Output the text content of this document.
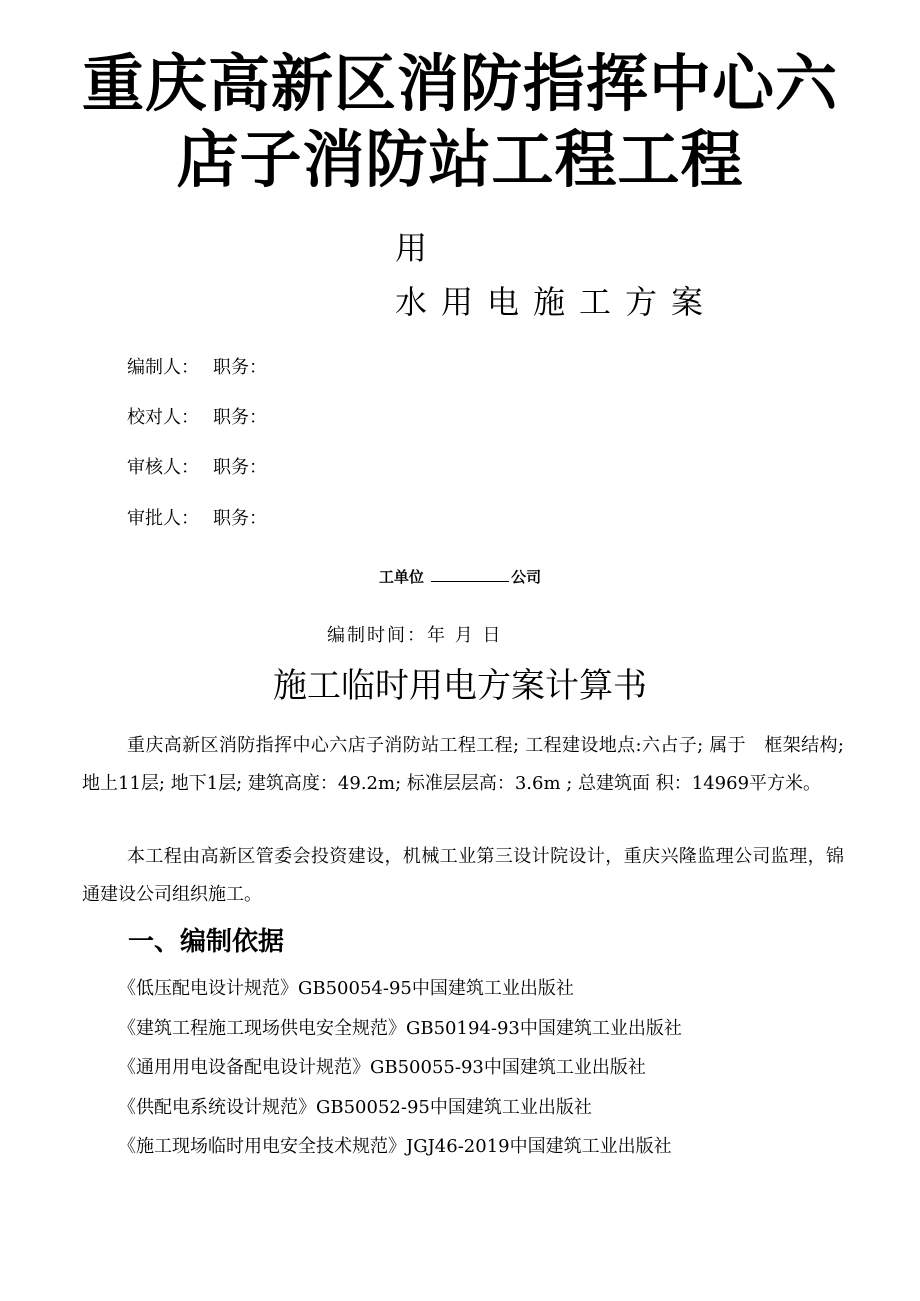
重庆高新区消防指挥中心六
店子消防站工程工程
用
水用电施工方案
编制人： 职务：
校对人： 职务：
审核人： 职务：
审批人： 职务：
工单位	公司
编制时间：年 月 日
施工临时用电方案计算书

重庆高新区消防指挥中心六店子消防站工程工程; 工程建设地点:六占子; 属于　框架结构; 地上11层; 地下1层; 建筑高度：49.2m; 标准层层高：3.6m ; 总建筑面 积：14969平方米。

本工程由高新区管委会投资建设，机械工业第三设计院设计，重庆兴隆监理公司监理，锦通建设公司组织施工。

一、编制依据
《低压配电设计规范》GB50054-95中国建筑工业出版社
《建筑工程施工现场供电安全规范》GB50194-93中国建筑工业出版社
《通用用电设备配电设计规范》GB50055-93中国建筑工业出版社
《供配电系统设计规范》GB50052-95中国建筑工业出版社
《施工现场临时用电安全技术规范》JGJ46-2019中国建筑工业出版社
